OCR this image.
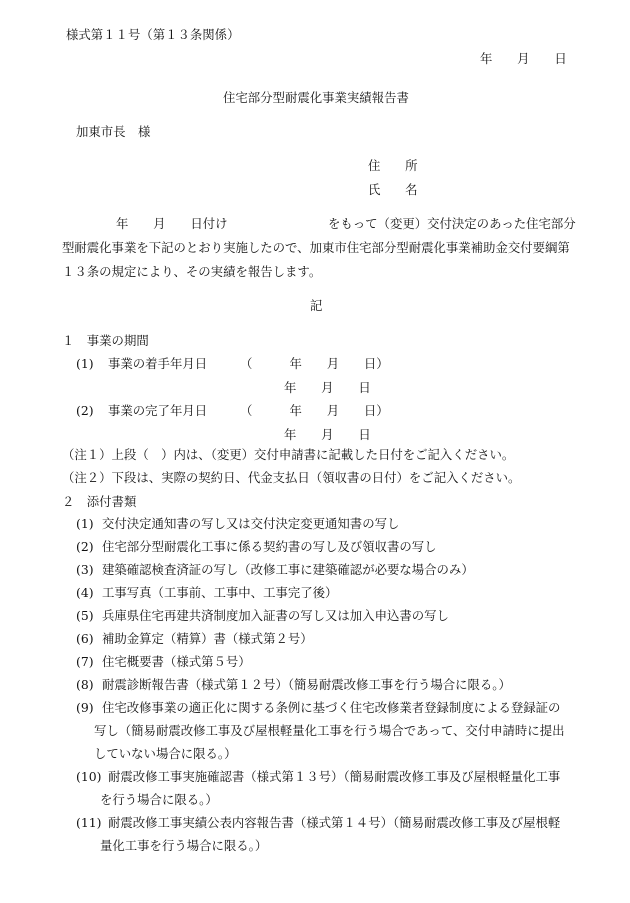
様式第１１号（第１３条関係）
年　　月　　日
住宅部分型耐震化事業実績報告書
加東市長　様
住　　所
氏　　名
年　　月　　日付け	をもって（変更）交付決定のあった住宅部分
型耐震化事業を下記のとおり実施したので、加東市住宅部分型耐震化事業補助金交付要綱第
１３条の規定により、その実績を報告します。
記
１　事業の期間
(1) 事業の着手年月日	（　　　年　　月　　日）
年　　月　　日
(2) 事業の完了年月日	（　　　年　　月　　日）
年　　月　　日
（注１）上段（　）内は、（変更）交付申請書に記載した日付をご記入ください。
（注２）下段は、実際の契約日、代金支払日（領収書の日付）をご記入ください。
２　添付書類
(1) 交付決定通知書の写し又は交付決定変更通知書の写し
(2) 住宅部分型耐震化工事に係る契約書の写し及び領収書の写し
(3) 建築確認検査済証の写し（改修工事に建築確認が必要な場合のみ）
(4) 工事写真（工事前、工事中、工事完了後）
(5) 兵庫県住宅再建共済制度加入証書の写し又は加入申込書の写し
(6) 補助金算定（精算）書（様式第２号）
(7) 住宅概要書（様式第５号）
(8) 耐震診断報告書（様式第１２号）（簡易耐震改修工事を行う場合に限る。）
(9) 住宅改修事業の適正化に関する条例に基づく住宅改修業者登録制度による登録証の
写し（簡易耐震改修工事及び屋根軽量化工事を行う場合であって、交付申請時に提出
していない場合に限る。）
(10) 耐震改修工事実施確認書（様式第１３号）（簡易耐震改修工事及び屋根軽量化工事
を行う場合に限る。）
(11) 耐震改修工事実績公表内容報告書（様式第１４号）（簡易耐震改修工事及び屋根軽
量化工事を行う場合に限る。）
